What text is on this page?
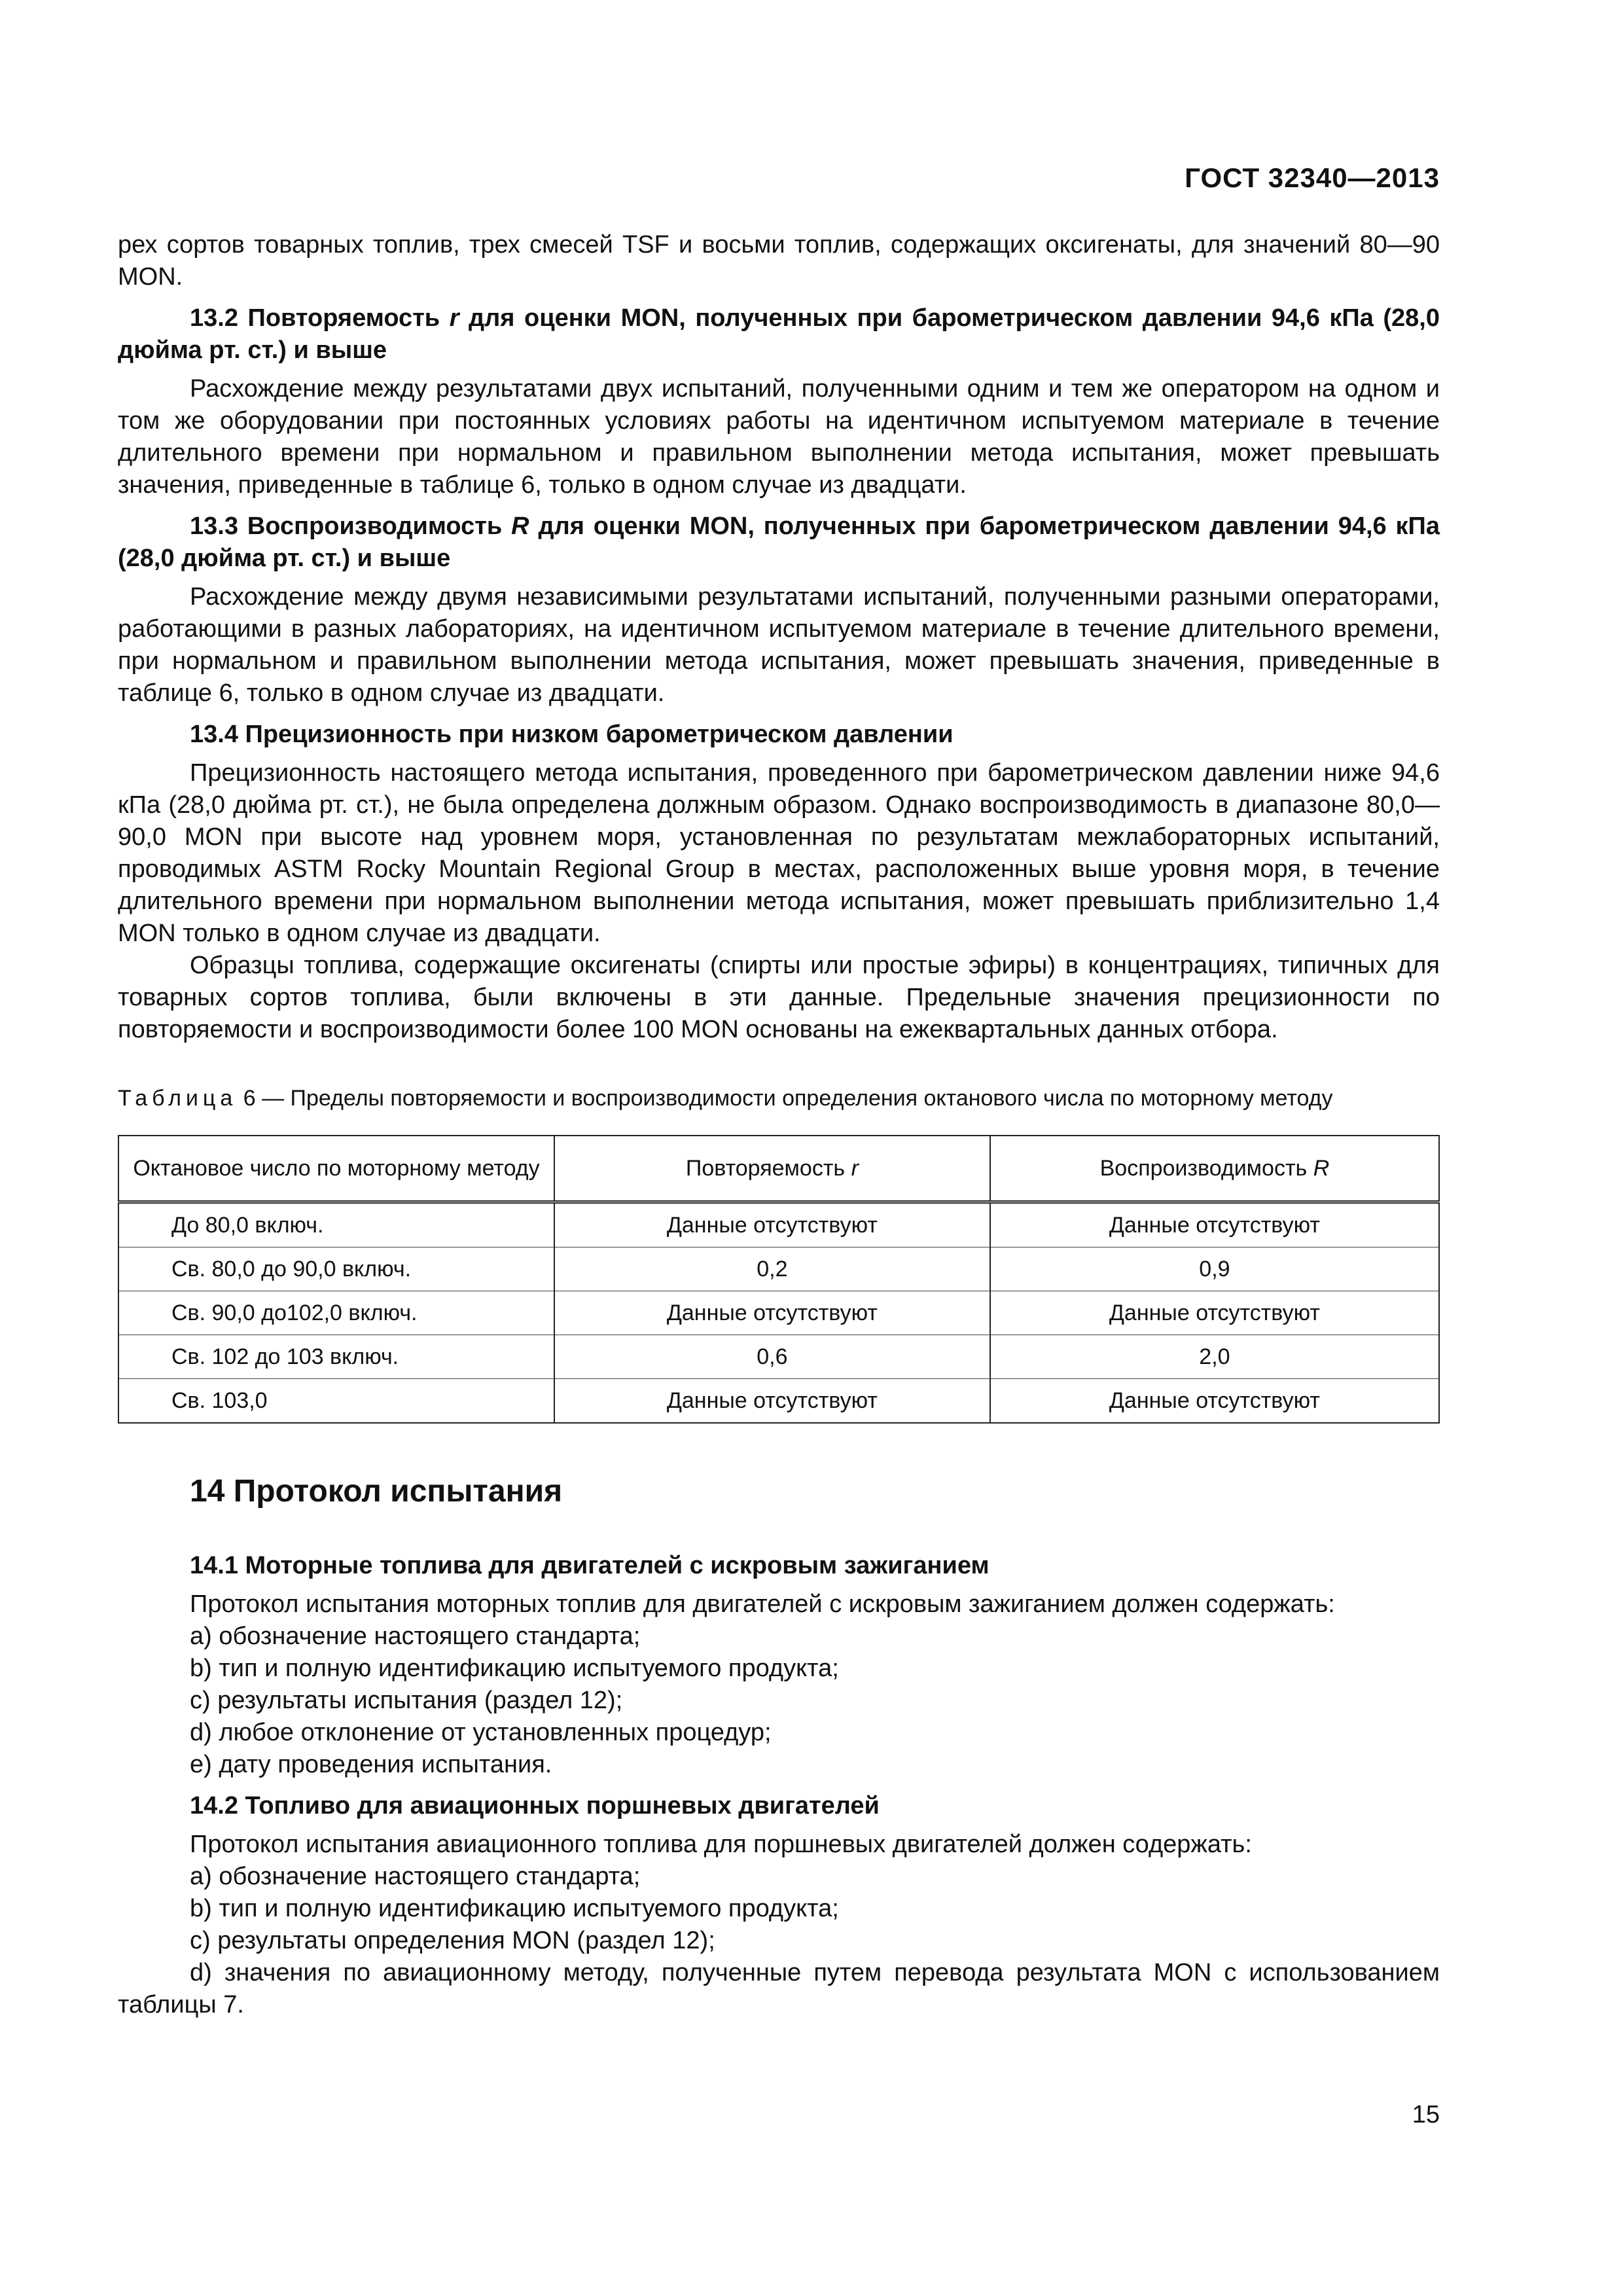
ГОСТ 32340—2013

рех сортов товарных топлив, трех смесей TSF и восьми топлив, содержащих оксигенаты, для значений 80—90 MON.

13.2 Повторяемость r для оценки MON, полученных при барометрическом давлении 94,6 кПа (28,0 дюйма рт. ст.) и выше

Расхождение между результатами двух испытаний, полученными одним и тем же оператором на одном и том же оборудовании при постоянных условиях работы на идентичном испытуемом материале в течение длительного времени при нормальном и правильном выполнении метода испытания, может превышать значения, приведенные в таблице 6, только в одном случае из двадцати.

13.3 Воспроизводимость R для оценки MON, полученных при барометрическом давлении 94,6 кПа (28,0 дюйма рт. ст.) и выше

Расхождение между двумя независимыми результатами испытаний, полученными разными операторами, работающими в разных лабораториях, на идентичном испытуемом материале в течение длительного времени, при нормальном и правильном выполнении метода испытания, может превышать значения, приведенные в таблице 6, только в одном случае из двадцати.

13.4 Прецизионность при низком барометрическом давлении

Прецизионность настоящего метода испытания, проведенного при барометрическом давлении ниже 94,6 кПа (28,0 дюйма рт. ст.), не была определена должным образом. Однако воспроизводимость в диапазоне 80,0—90,0 MON при высоте над уровнем моря, установленная по результатам межлабораторных испытаний, проводимых ASTM Rocky Mountain Regional Group в местах, расположенных выше уровня моря, в течение длительного времени при нормальном выполнении метода испытания, может превышать приблизительно 1,4 MON только в одном случае из двадцати.

Образцы топлива, содержащие оксигенаты (спирты или простые эфиры) в концентрациях, типичных для товарных сортов топлива, были включены в эти данные. Предельные значения прецизионности по повторяемости и воспроизводимости более 100 MON основаны на ежеквартальных данных отбора.

Таблица 6 — Пределы повторяемости и воспроизводимости определения октанового числа по моторному методу
Октановое число по моторному методу	Повторяемость r	Воспроизводимость R
До 80,0 включ.	Данные отсутствуют	Данные отсутствуют
Св. 80,0 до 90,0 включ.	0,2	0,9
Св. 90,0 до102,0 включ.	Данные отсутствуют	Данные отсутствуют
Св. 102 до 103 включ.	0,6	2,0
Св. 103,0	Данные отсутствуют	Данные отсутствуют
14 Протокол испытания
14.1 Моторные топлива для двигателей с искровым зажиганием

Протокол испытания моторных топлив для двигателей с искровым зажиганием должен содержать:

a) обозначение настоящего стандарта;

b) тип и полную идентификацию испытуемого продукта;

c) результаты испытания (раздел 12);

d) любое отклонение от установленных процедур;

e) дату проведения испытания.

14.2 Топливо для авиационных поршневых двигателей

Протокол испытания авиационного топлива для поршневых двигателей должен содержать:

a) обозначение настоящего стандарта;

b) тип и полную идентификацию испытуемого продукта;

c) результаты определения MON (раздел 12);

d) значения по авиационному методу, полученные путем перевода результата MON с использованием таблицы 7.

15
